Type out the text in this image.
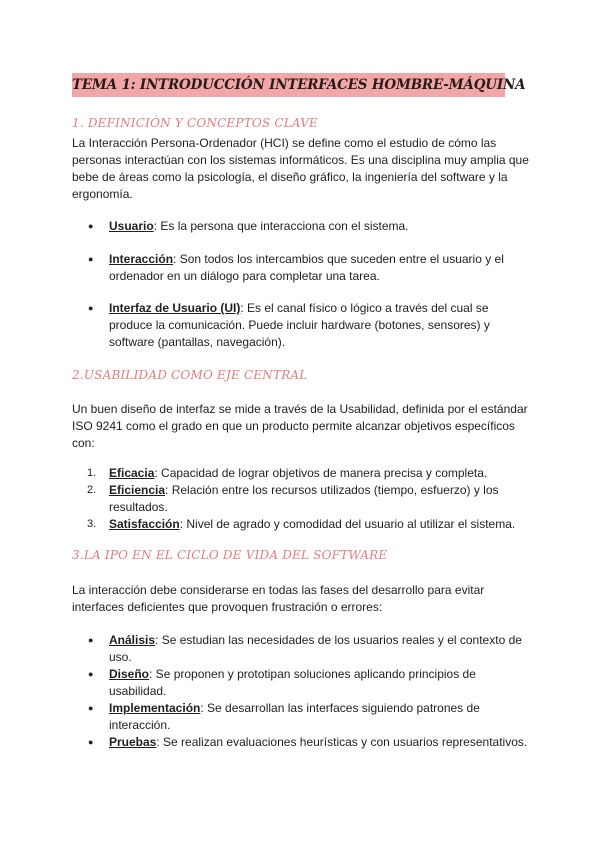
TEMA 1: INTRODUCCIÓN INTERFACES HOMBRE-MÁQUINA
1. DEFINICIÓN Y CONCEPTOS CLAVE
La Interacción Persona-Ordenador (HCI) se define como el estudio de cómo las personas interactúan con los sistemas informáticos. Es una disciplina muy amplia que bebe de áreas como la psicología, el diseño gráfico, la ingeniería del software y la ergonomía.
● Usuario: Es la persona que interacciona con el sistema.
● Interacción: Son todos los intercambios que suceden entre el usuario y el ordenador en un diálogo para completar una tarea.
● Interfaz de Usuario (UI): Es el canal físico o lógico a través del cual se produce la comunicación. Puede incluir hardware (botones, sensores) y software (pantallas, navegación).
2.USABILIDAD COMO EJE CENTRAL
Un buen diseño de interfaz se mide a través de la Usabilidad, definida por el estándar ISO 9241 como el grado en que un producto permite alcanzar objetivos específicos con:
1. Eficacia: Capacidad de lograr objetivos de manera precisa y completa.
2. Eficiencia: Relación entre los recursos utilizados (tiempo, esfuerzo) y los resultados.
3. Satisfacción: Nivel de agrado y comodidad del usuario al utilizar el sistema.
3.LA IPO EN EL CICLO DE VIDA DEL SOFTWARE
La interacción debe considerarse en todas las fases del desarrollo para evitar interfaces deficientes que provoquen frustración o errores:
● Análisis: Se estudian las necesidades de los usuarios reales y el contexto de uso.
● Diseño: Se proponen y prototipan soluciones aplicando principios de usabilidad.
● Implementación: Se desarrollan las interfaces siguiendo patrones de interacción.
● Pruebas: Se realizan evaluaciones heurísticas y con usuarios representativos.
